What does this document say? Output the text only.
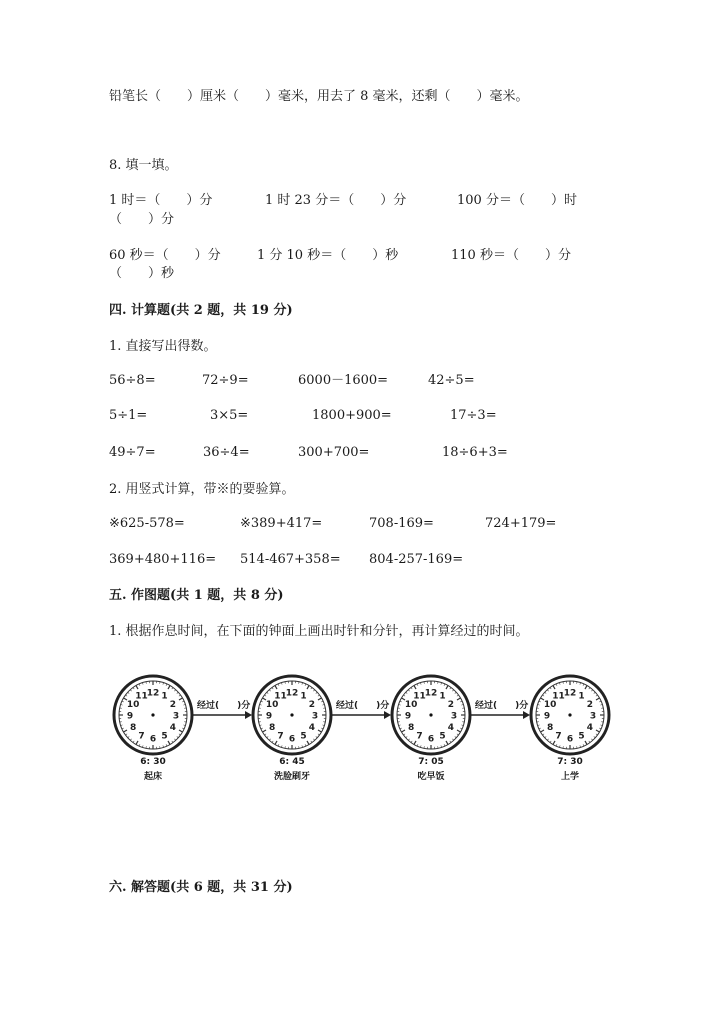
铅笔长（　　）厘米（　　）毫米，用去了 8 毫米，还剩（　　）毫米。
8. 填一填。
1 时＝（　　）分	1 时 23 分＝（　　）分	100 分＝（　　）时
（　　）分
60 秒＝（　　）分	1 分 10 秒＝（　　）秒	110 秒＝（　　）分
（　　）秒
四. 计算题(共 2 题，共 19 分)
1. 直接写出得数。
56÷8=	72÷9=	6000－1600=	42÷5=
5÷1=	3×5=	1800+900=	17÷3=
49÷7=	36÷4=	300+700=	18÷6+3=
2. 用竖式计算，带※的要验算。
※625-578=	※389+417=	708-169=	724+179=
369+480+116= 514-467+358= 804-257-169=
五. 作图题(共 1 题，共 8 分)
1. 根据作息时间，在下面的钟面上画出时针和分针，再计算经过的时间。
12 1
2
3
4
5
6
7
8
9
10
11
6: 30
起床
经过(　　)分
12 1
2
3
4
5
6
7
8
9
10
11
6: 45
洗脸刷牙
经过(　　)分
12 1
2
3
4
5
6
7
8
9
10
11
7: 05
吃早饭
经过(　　)分
12 1
2
3
4
5
6
7
8
9
10
11
7: 30
上学
六. 解答题(共 6 题，共 31 分)
